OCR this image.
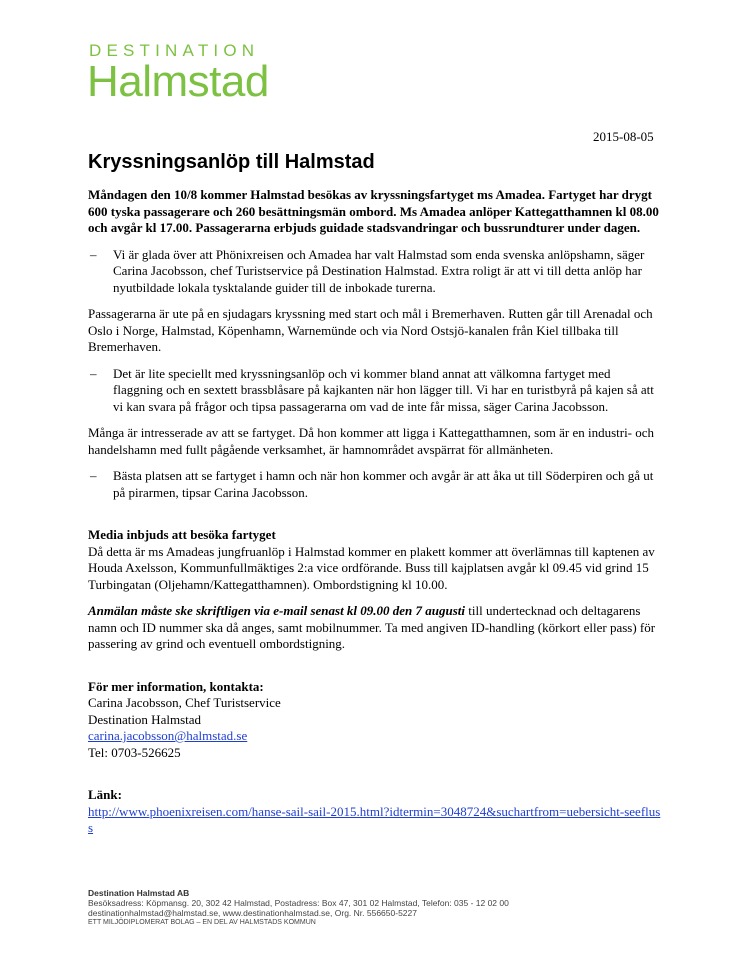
DESTINATION
Halmstad
2015-08-05
Kryssningsanlöp till Halmstad

Måndagen den 10/8 kommer Halmstad besökas av kryssningsfartyget ms Amadea. Fartyget har drygt 600 tyska passagerare och 260 besättningsmän ombord. Ms Amadea anlöper Kattegatthamnen kl 08.00 och avgår kl 17.00. Passagerarna erbjuds guidade stadsvandringar och bussrundturer under dagen.

–	Vi är glada över att Phönixreisen och Amadea har valt Halmstad som enda svenska anlöpshamn, säger Carina Jacobsson, chef Turistservice på Destination Halmstad. Extra roligt är att vi till detta anlöp har nyutbildade lokala tysktalande guider till de inbokade turerna.

Passagerarna är ute på en sjudagars kryssning med start och mål i Bremerhaven. Rutten går till Arenadal och Oslo i Norge, Halmstad, Köpenhamn, Warnemünde och via Nord Ostsjö-kanalen från Kiel tillbaka till Bremerhaven.

–	Det är lite speciellt med kryssningsanlöp och vi kommer bland annat att välkomna fartyget med flaggning och en sextett brassblåsare på kajkanten när hon lägger till. Vi har en turistbyrå på kajen så att vi kan svara på frågor och tipsa passagerarna om vad de inte får missa, säger Carina Jacobsson.

Många är intresserade av att se fartyget. Då hon kommer att ligga i Kattegatthamnen, som är en industri- och handelshamn med fullt pågående verksamhet, är hamnområdet avspärrat för allmänheten.

–	Bästa platsen att se fartyget i hamn och när hon kommer och avgår är att åka ut till Söderpiren och gå ut på pirarmen, tipsar Carina Jacobsson.

Media inbjuds att besöka fartyget

Då detta är ms Amadeas jungfruanlöp i Halmstad kommer en plakett kommer att överlämnas till kaptenen av Houda Axelsson, Kommunfullmäktiges 2:a vice ordförande. Buss till kajplatsen avgår kl 09.45 vid grind 15 Turbingatan (Oljehamn/Kattegatthamnen). Ombordstigning kl 10.00.

Anmälan måste ske skriftligen via e-mail senast kl 09.00 den 7 augusti till undertecknad och deltagarens namn och ID nummer ska då anges, samt mobilnummer. Ta med angiven ID-handling (körkort eller pass) för passering av grind och eventuell ombordstigning.

För mer information, kontakta:

Carina Jacobsson, Chef Turistservice

Destination Halmstad

carina.jacobsson@halmstad.se

Tel: 0703-526625

Länk:

http://www.phoenixreisen.com/hanse-sail-sail-2015.html?idtermin=3048724&suchartfrom=uebersicht-seefluss

Destination Halmstad AB
Besöksadress: Köpmansg. 20, 302 42 Halmstad, Postadress: Box 47, 301 02 Halmstad, Telefon: 035 - 12 02 00
destinationhalmstad@halmstad.se, www.destinationhalmstad.se, Org. Nr. 556650-5227
ETT MILJÖDIPLOMERAT BOLAG – EN DEL AV HALMSTADS KOMMUN
